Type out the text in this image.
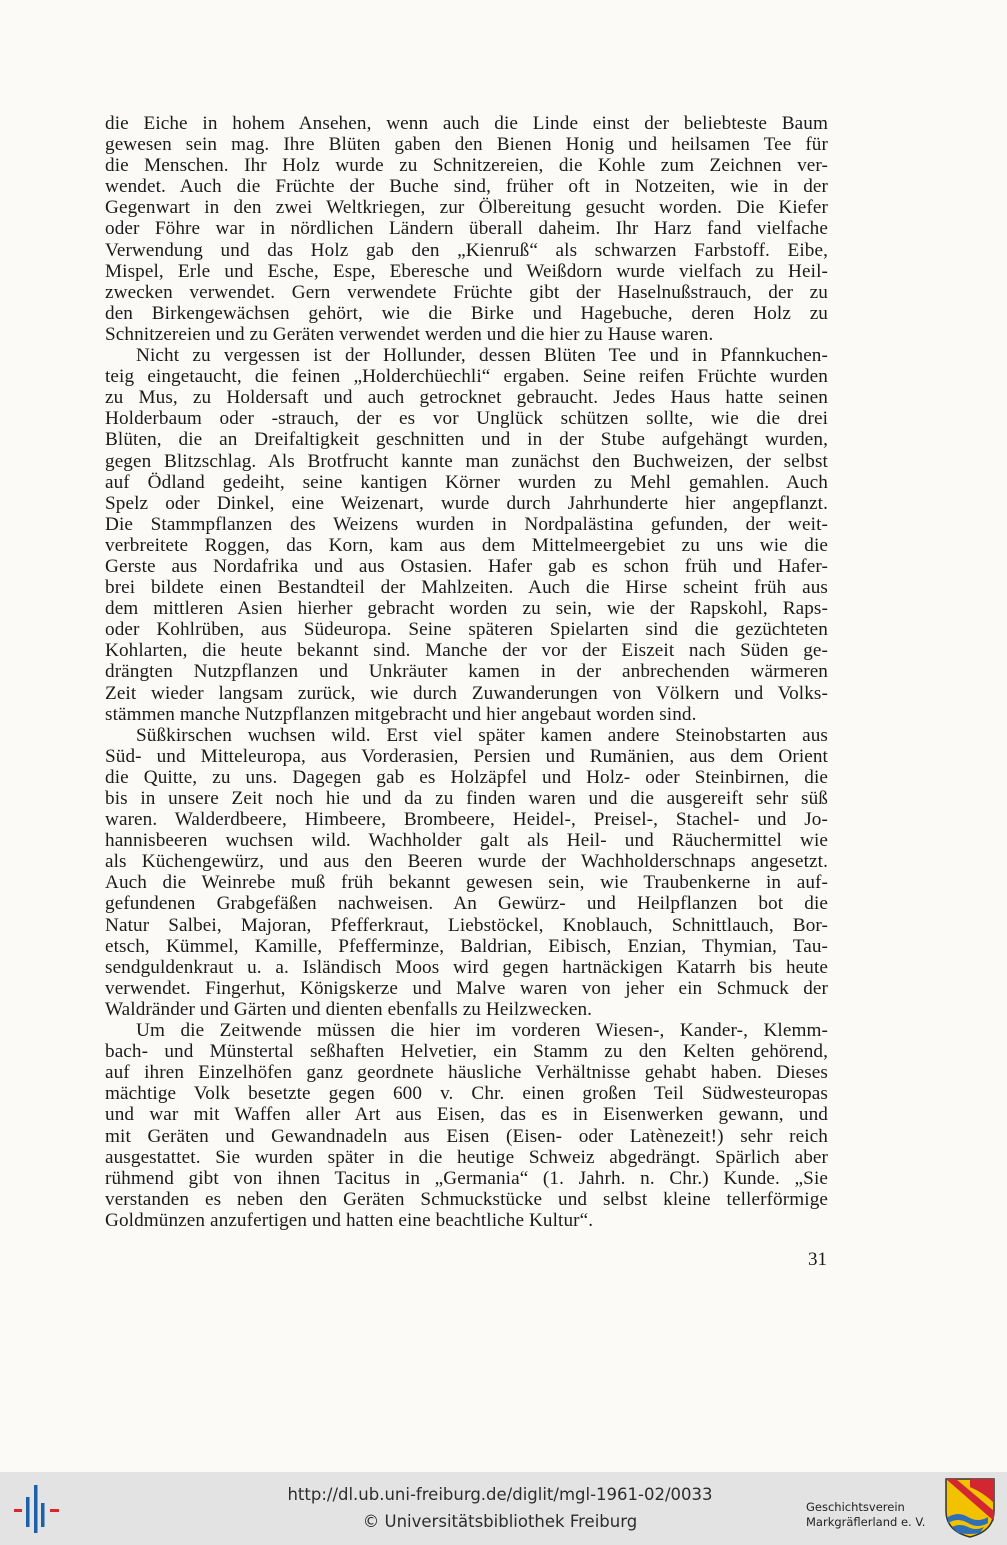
die Eiche in hohem Ansehen, wenn auch die Linde einst der beliebteste Baum
gewesen sein mag. Ihre Blüten gaben den Bienen Honig und heilsamen Tee für
die Menschen. Ihr Holz wurde zu Schnitzereien, die Kohle zum Zeichnen ver-
wendet. Auch die Früchte der Buche sind, früher oft in Notzeiten, wie in der
Gegenwart in den zwei Weltkriegen, zur Ölbereitung gesucht worden. Die Kiefer
oder Föhre war in nördlichen Ländern überall daheim. Ihr Harz fand vielfache
Verwendung und das Holz gab den „Kienruß“ als schwarzen Farbstoff. Eibe,
Mispel, Erle und Esche, Espe, Eberesche und Weißdorn wurde vielfach zu Heil-
zwecken verwendet. Gern verwendete Früchte gibt der Haselnußstrauch, der zu
den Birkengewächsen gehört, wie die Birke und Hagebuche, deren Holz zu
Schnitzereien und zu Geräten verwendet werden und die hier zu Hause waren.
Nicht zu vergessen ist der Hollunder, dessen Blüten Tee und in Pfannkuchen-
teig eingetaucht, die feinen „Holderchüechli“ ergaben. Seine reifen Früchte wurden
zu Mus, zu Holdersaft und auch getrocknet gebraucht. Jedes Haus hatte seinen
Holderbaum oder -strauch, der es vor Unglück schützen sollte, wie die drei
Blüten, die an Dreifaltigkeit geschnitten und in der Stube aufgehängt wurden,
gegen Blitzschlag. Als Brotfrucht kannte man zunächst den Buchweizen, der selbst
auf Ödland gedeiht, seine kantigen Körner wurden zu Mehl gemahlen. Auch
Spelz oder Dinkel, eine Weizenart, wurde durch Jahrhunderte hier angepflanzt.
Die Stammpflanzen des Weizens wurden in Nordpalästina gefunden, der weit-
verbreitete Roggen, das Korn, kam aus dem Mittelmeergebiet zu uns wie die
Gerste aus Nordafrika und aus Ostasien. Hafer gab es schon früh und Hafer-
brei bildete einen Bestandteil der Mahlzeiten. Auch die Hirse scheint früh aus
dem mittleren Asien hierher gebracht worden zu sein, wie der Rapskohl, Raps-
oder Kohlrüben, aus Südeuropa. Seine späteren Spielarten sind die gezüchteten
Kohlarten, die heute bekannt sind. Manche der vor der Eiszeit nach Süden ge-
drängten Nutzpflanzen und Unkräuter kamen in der anbrechenden wärmeren
Zeit wieder langsam zurück, wie durch Zuwanderungen von Völkern und Volks-
stämmen manche Nutzpflanzen mitgebracht und hier angebaut worden sind.
Süßkirschen wuchsen wild. Erst viel später kamen andere Steinobstarten aus
Süd- und Mitteleuropa, aus Vorderasien, Persien und Rumänien, aus dem Orient
die Quitte, zu uns. Dagegen gab es Holzäpfel und Holz- oder Steinbirnen, die
bis in unsere Zeit noch hie und da zu finden waren und die ausgereift sehr süß
waren. Walderdbeere, Himbeere, Brombeere, Heidel-, Preisel-, Stachel- und Jo-
hannisbeeren wuchsen wild. Wachholder galt als Heil- und Räuchermittel wie
als Küchengewürz, und aus den Beeren wurde der Wachholderschnaps angesetzt.
Auch die Weinrebe muß früh bekannt gewesen sein, wie Traubenkerne in auf-
gefundenen Grabgefäßen nachweisen. An Gewürz- und Heilpflanzen bot die
Natur Salbei, Majoran, Pfefferkraut, Liebstöckel, Knoblauch, Schnittlauch, Bor-
etsch, Kümmel, Kamille, Pfefferminze, Baldrian, Eibisch, Enzian, Thymian, Tau-
sendguldenkraut u. a. Isländisch Moos wird gegen hartnäckigen Katarrh bis heute
verwendet. Fingerhut, Königskerze und Malve waren von jeher ein Schmuck der
Waldränder und Gärten und dienten ebenfalls zu Heilzwecken.
Um die Zeitwende müssen die hier im vorderen Wiesen-, Kander-, Klemm-
bach- und Münstertal seßhaften Helvetier, ein Stamm zu den Kelten gehörend,
auf ihren Einzelhöfen ganz geordnete häusliche Verhältnisse gehabt haben. Dieses
mächtige Volk besetzte gegen 600 v. Chr. einen großen Teil Südwesteuropas
und war mit Waffen aller Art aus Eisen, das es in Eisenwerken gewann, und
mit Geräten und Gewandnadeln aus Eisen (Eisen- oder Latènezeit!) sehr reich
ausgestattet. Sie wurden später in die heutige Schweiz abgedrängt. Spärlich aber
rühmend gibt von ihnen Tacitus in „Germania“ (1. Jahrh. n. Chr.) Kunde. „Sie
verstanden es neben den Geräten Schmuckstücke und selbst kleine tellerförmige
Goldmünzen anzufertigen und hatten eine beachtliche Kultur“.
31
http://dl.ub.uni-freiburg.de/diglit/mgl-1961-02/0033
© Universitätsbibliothek Freiburg
Geschichtsverein
Markgräflerland e. V.
